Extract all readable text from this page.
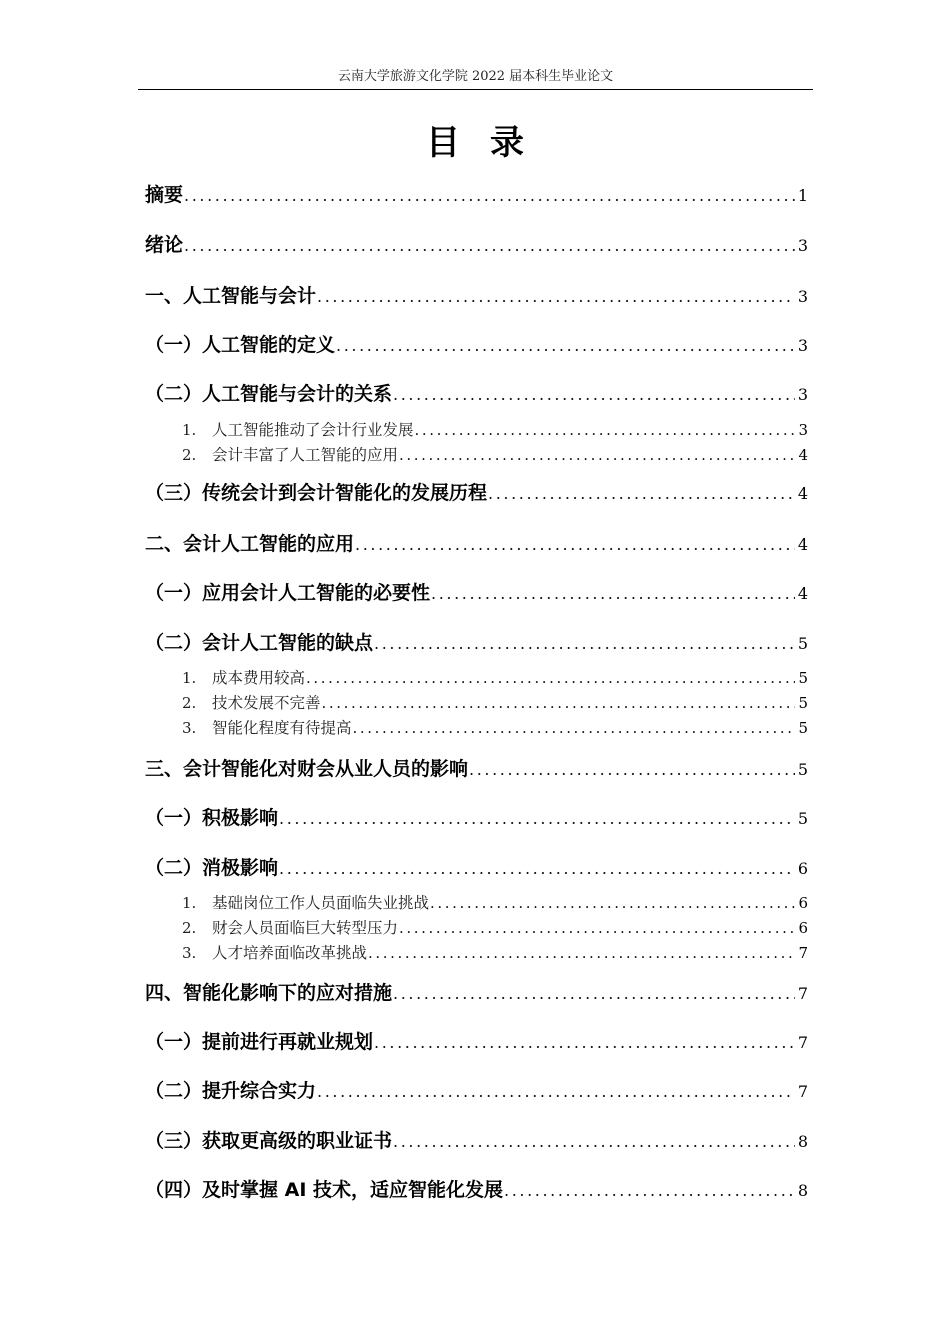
云南大学旅游文化学院 2022 届本科生毕业论文
目录
摘要 .....	1
绪论 .....	3
一、人工智能与会计 .....	3
（一）人工智能的定义 .....	3
（二）人工智能与会计的关系 .....	3
1.	人工智能推动了会计行业发展 .....	3
2.	会计丰富了人工智能的应用 .....	4
（三）传统会计到会计智能化的发展历程 .....	4
二、会计人工智能的应用 .....	4
（一）应用会计人工智能的必要性 .....	4
（二）会计人工智能的缺点 .....	5
1.	成本费用较高 .....	5
2.	技术发展不完善 .....	5
3.	智能化程度有待提高 .....	5
三、会计智能化对财会从业人员的影响 .....	5
（一）积极影响 .....	5
（二）消极影响 .....	6
1.	基础岗位工作人员面临失业挑战 .....	6
2.	财会人员面临巨大转型压力 .....	6
3.	人才培养面临改革挑战 .....	7
四、智能化影响下的应对措施 .....	7
（一）提前进行再就业规划 .....	7
（二）提升综合实力 .....	7
（三）获取更高级的职业证书 .....	8
（四）及时掌握 AI 技术，适应智能化发展 .....	8
